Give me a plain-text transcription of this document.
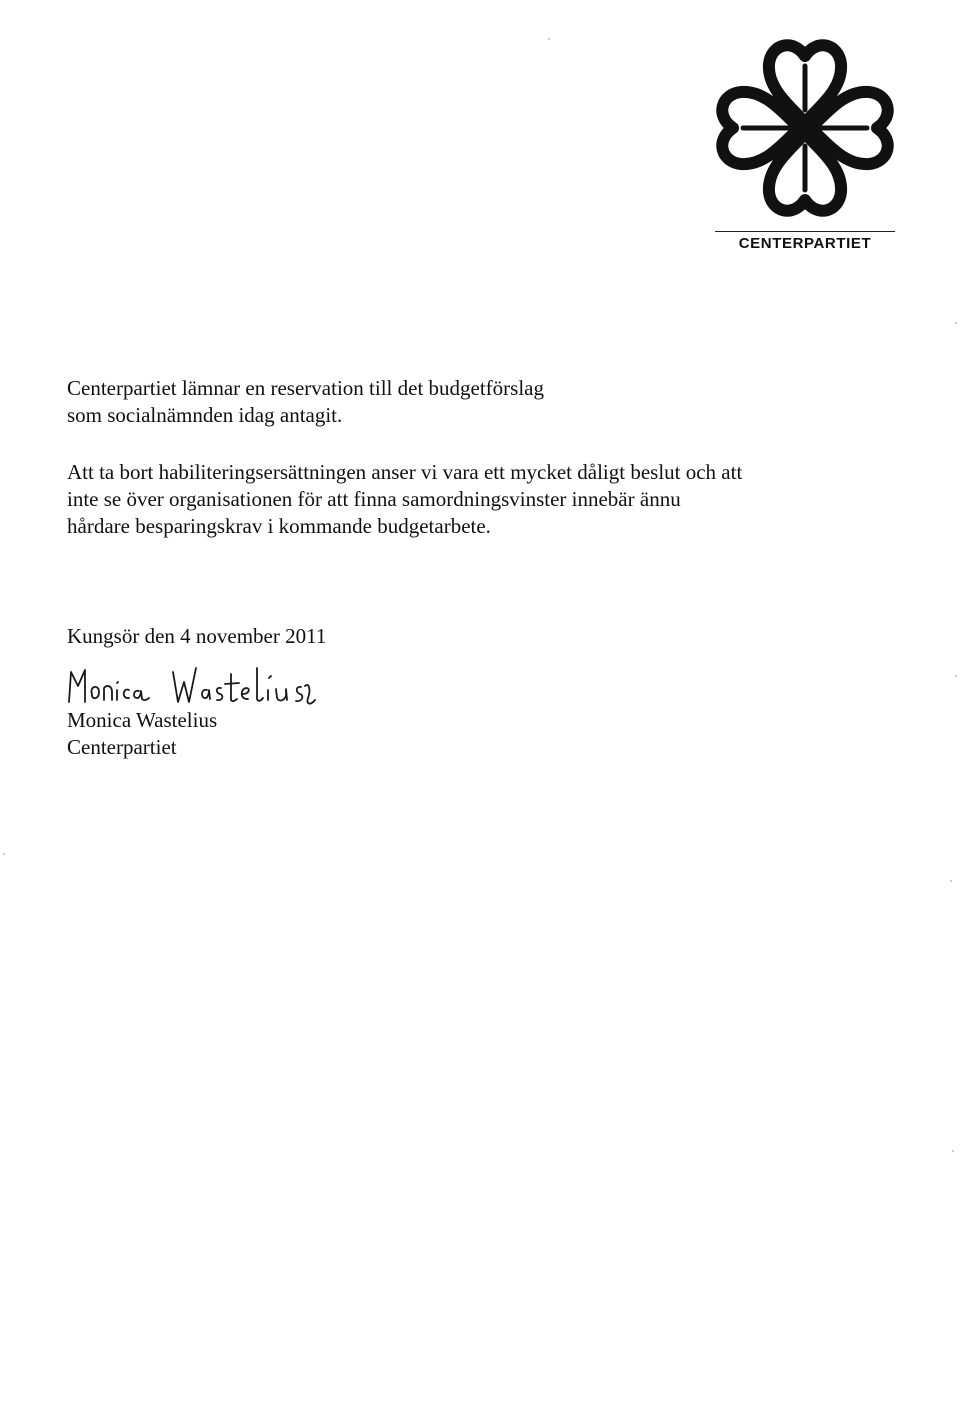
CENTERPARTIET
Centerpartiet lämnar en reservation till det budgetförslag
som socialnämnden idag antagit.
Att ta bort habiliteringsersättningen anser vi vara ett mycket dåligt beslut och att
inte se över organisationen för att finna samordningsvinster innebär ännu
hårdare besparingskrav i kommande budgetarbete.
Kungsör den 4 november 2011
Monica Wastelius
Centerpartiet
